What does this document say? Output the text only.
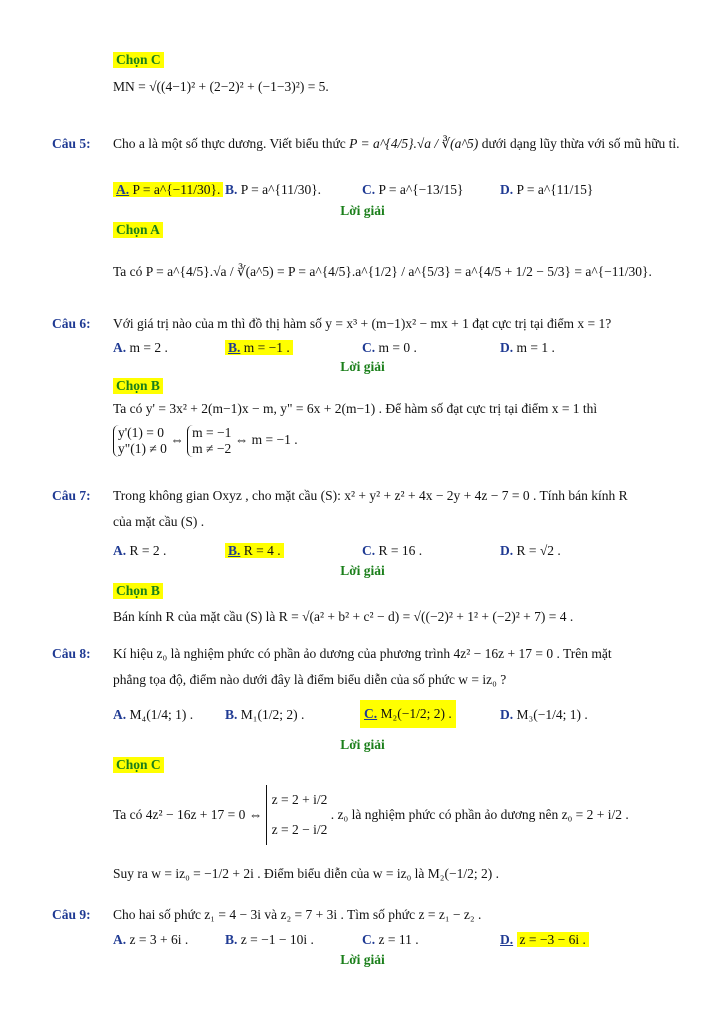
Chọn C
MN = √((4−1)² + (2−2)² + (−1−3)²) = 5.
Câu 5: Cho a là một số thực dương. Viết biểu thức P = a^{4/5}.√a / ∛(a^5) dưới dạng lũy thừa với số mũ hữu tỉ.
A. P = a^{−11/30}. B. P = a^{11/30}.	C. P = a^{−13/15}	D. P = a^{11/15}
Lời giải
Chọn A
Ta có P = a^{4/5}.√a / ∛(a^5) = P = a^{4/5}.a^{1/2} / a^{5/3} = a^{4/5 + 1/2 − 5/3} = a^{−11/30}.
Câu 6: Với giá trị nào của m thì đồ thị hàm số y = x³ + (m−1)x² − mx + 1 đạt cực trị tại điểm x = 1?
A. m = 2 .	B. m = −1 .	C. m = 0 .	D. m = 1 .
Lời giải
Chọn B
Ta có y' = 3x² + 2(m−1)x − m, y" = 6x + 2(m−1) . Để hàm số đạt cực trị tại điểm x = 1 thì
y'(1) = 0
y"(1) ≠ 0
⇔ m = −1
m ≠ −2
⇔ m = −1 .
Câu 7: Trong không gian Oxyz , cho mặt cầu (S): x² + y² + z² + 4x − 2y + 4z − 7 = 0 . Tính bán kính R
của mặt cầu (S) .
A. R = 2 .	B. R = 4 .	C. R = 16 .	D. R = √2 .
Lời giải
Chọn B
Bán kính R của mặt cầu (S) là R = √(a² + b² + c² − d) = √((−2)² + 1² + (−2)² + 7) = 4 .
Câu 8: Kí hiệu z₀ là nghiệm phức có phần ảo dương của phương trình 4z² − 16z + 17 = 0 . Trên mặt
phẳng tọa độ, điểm nào dưới đây là điểm biểu diễn của số phức w = iz₀ ?
A. M₄(1/4; 1) . B. M₁(1/2; 2) .	C. M₂(−1/2; 2) .	D. M₃(−1/4; 1) .
Lời giải
Chọn C
Ta có 4z² − 16z + 17 = 0 ⇔
z = 2 + i/2
z = 2 − i/2
. z₀ là nghiệm phức có phần ảo dương nên z₀ = 2 + i/2 .
Suy ra w = iz₀ = −1/2 + 2i . Điểm biểu diễn của w = iz₀ là M₂(−1/2; 2) .
Câu 9: Cho hai số phức z₁ = 4 − 3i và z₂ = 7 + 3i . Tìm số phức z = z₁ − z₂ .
A. z = 3 + 6i .	B. z = −1 − 10i .	C. z = 11 .	D. z = −3 − 6i .
Lời giải
